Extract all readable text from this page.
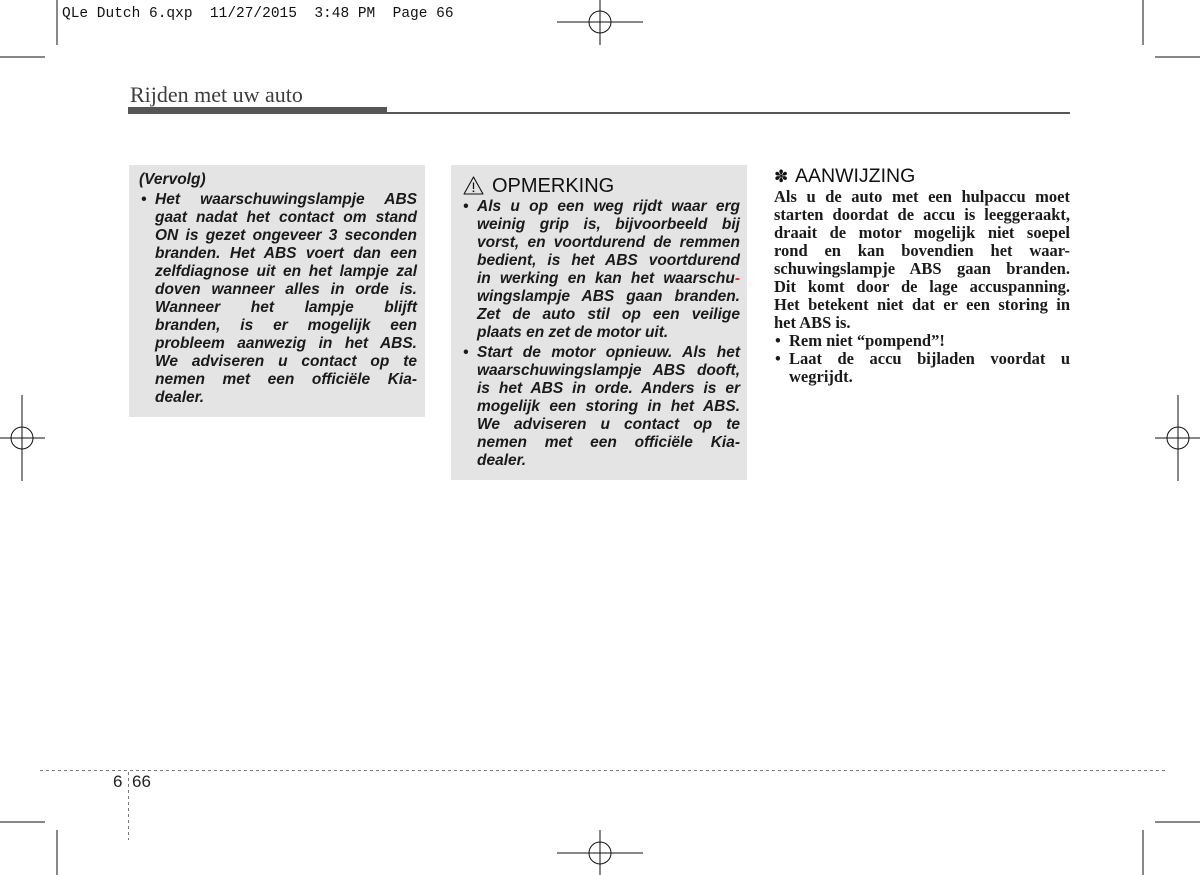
QLe Dutch 6.qxp  11/27/2015  3:48 PM  Page 66
Rijden met uw auto
(Vervolg)
• Het waarschuwingslampje ABS
gaat nadat het contact om stand
ON is gezet ongeveer 3 seconden
branden. Het ABS voert dan een
zelfdiagnose uit en het lampje zal
doven wanneer alles in orde is.
Wanneer het lampje blijft
branden, is er mogelijk een
probleem aanwezig in het ABS.
We adviseren u contact op te
nemen met een officiële Kia-
dealer.
OPMERKING
• Als u op een weg rijdt waar erg
weinig grip is, bijvoorbeeld bij
vorst, en voortdurend de remmen
bedient, is het ABS voortdurend
in werking en kan het waarschu-
wingslampje ABS gaan branden.
Zet de auto stil op een veilige
plaats en zet de motor uit.
• Start de motor opnieuw. Als het
waarschuwingslampje ABS dooft,
is het ABS in orde. Anders is er
mogelijk een storing in het ABS.
We adviseren u contact op te
nemen met een officiële Kia-
dealer.
✽ AANWIJZING
Als u de auto met een hulpaccu moet
starten doordat de accu is leeggeraakt,
draait de motor mogelijk niet soepel
rond en kan bovendien het waar-
schuwingslampje ABS gaan branden.
Dit komt door de lage accuspanning.
Het betekent niet dat er een storing in
het ABS is.
• Rem niet “pompend”!
• Laat de accu bijladen voordat u
wegrijdt.
6 66
